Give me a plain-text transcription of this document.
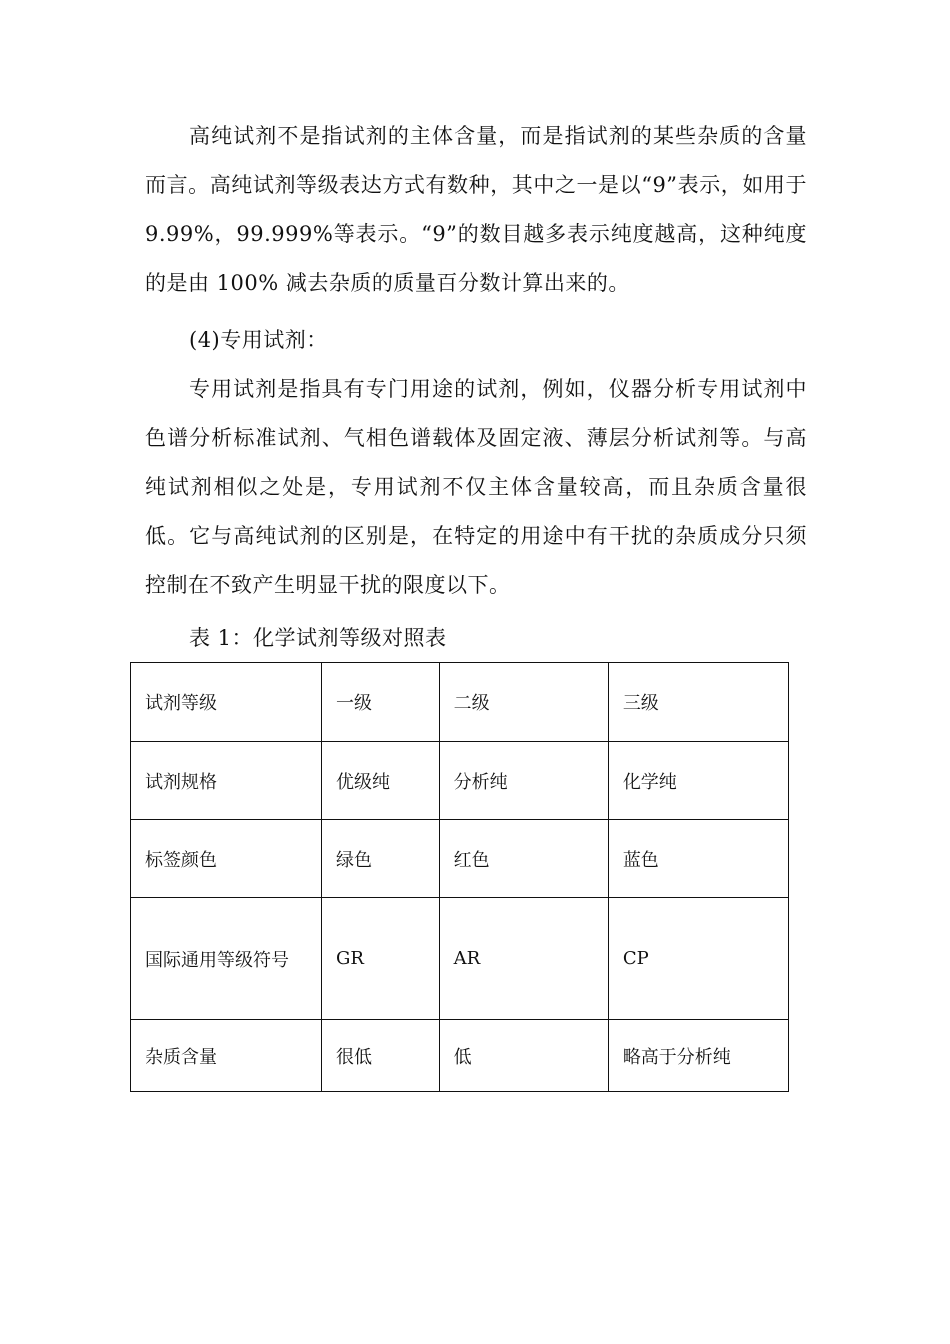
高纯试剂不是指试剂的主体含量，而是指试剂的某些杂质的含量而言。高纯试剂等级表达方式有数种，其中之一是以“9”表示，如用于 9.99%，99.999%等表示。“9”的数目越多表示纯度越高，这种纯度的是由 100% 减去杂质的质量百分数计算出来的。

(4)专用试剂：

专用试剂是指具有专门用途的试剂，例如，仪器分析专用试剂中色谱分析标准试剂、气相色谱载体及固定液、薄层分析试剂等。与高纯试剂相似之处是，专用试剂不仅主体含量较高，而且杂质含量很低。它与高纯试剂的区别是，在特定的用途中有干扰的杂质成分只须控制在不致产生明显干扰的限度以下。

表 1：化学试剂等级对照表

试剂等级	一级	二级	三级
试剂规格	优级纯	分析纯	化学纯
标签颜色	绿色	红色	蓝色
国际通用等级符号	GR	AR	CP
杂质含量	很低	低	略高于分析纯
